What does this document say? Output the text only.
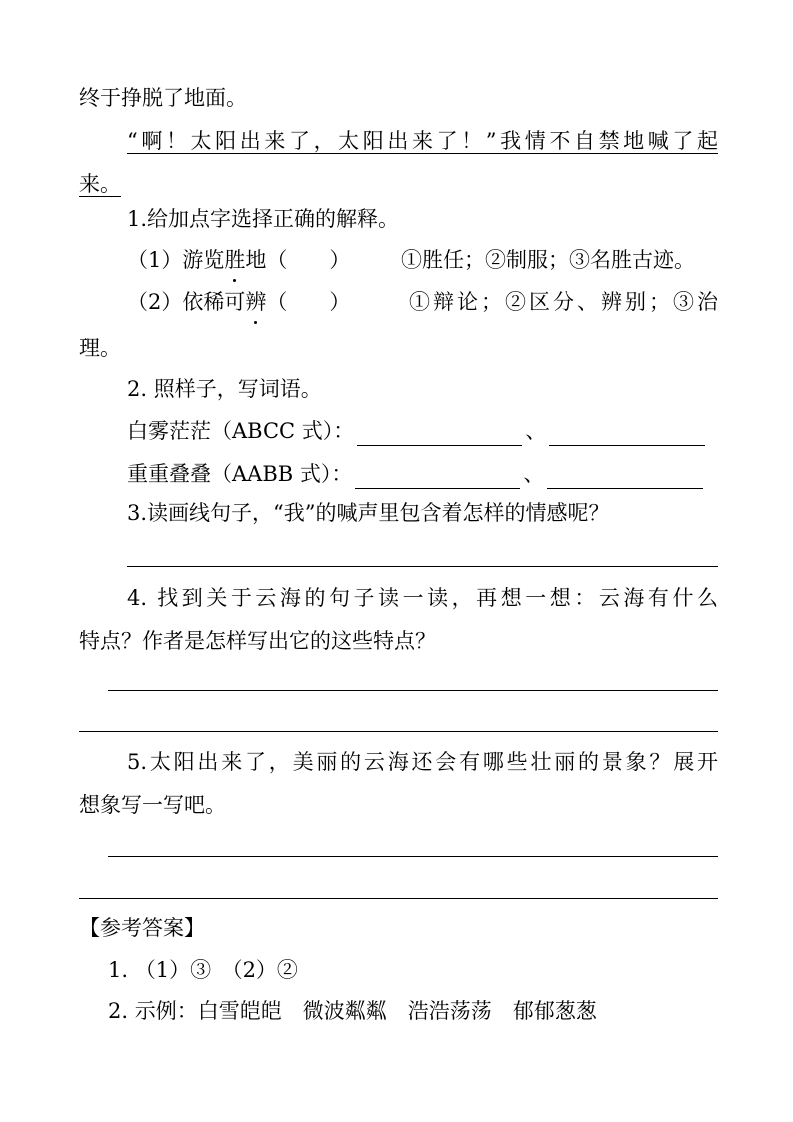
终于挣脱了地面。
“啊！太阳出来了，太阳出来了！”我情不自禁地喊了起
来。
1.给加点字选择正确的解释。
（1）游览胜地（　　） ①胜任；②制服；③名胜古迹。
（2）依稀可辨（　　）	①辩论；②区分、辨别；③治
理。
2. 照样子，写词语。
白雾茫茫（ABCC 式）：	、
重重叠叠（AABB 式）：	、
3.读画线句子，“我”的喊声里包含着怎样的情感呢？
4. 找到关于云海的句子读一读，再想一想：云海有什么
特点？作者是怎样写出它的这些特点？
5.太阳出来了，美丽的云海还会有哪些壮丽的景象？展开
想象写一写吧。
【参考答案】
1. （1）③　（2）②
2. 示例：白雪皑皑　微波粼粼　浩浩荡荡　郁郁葱葱
